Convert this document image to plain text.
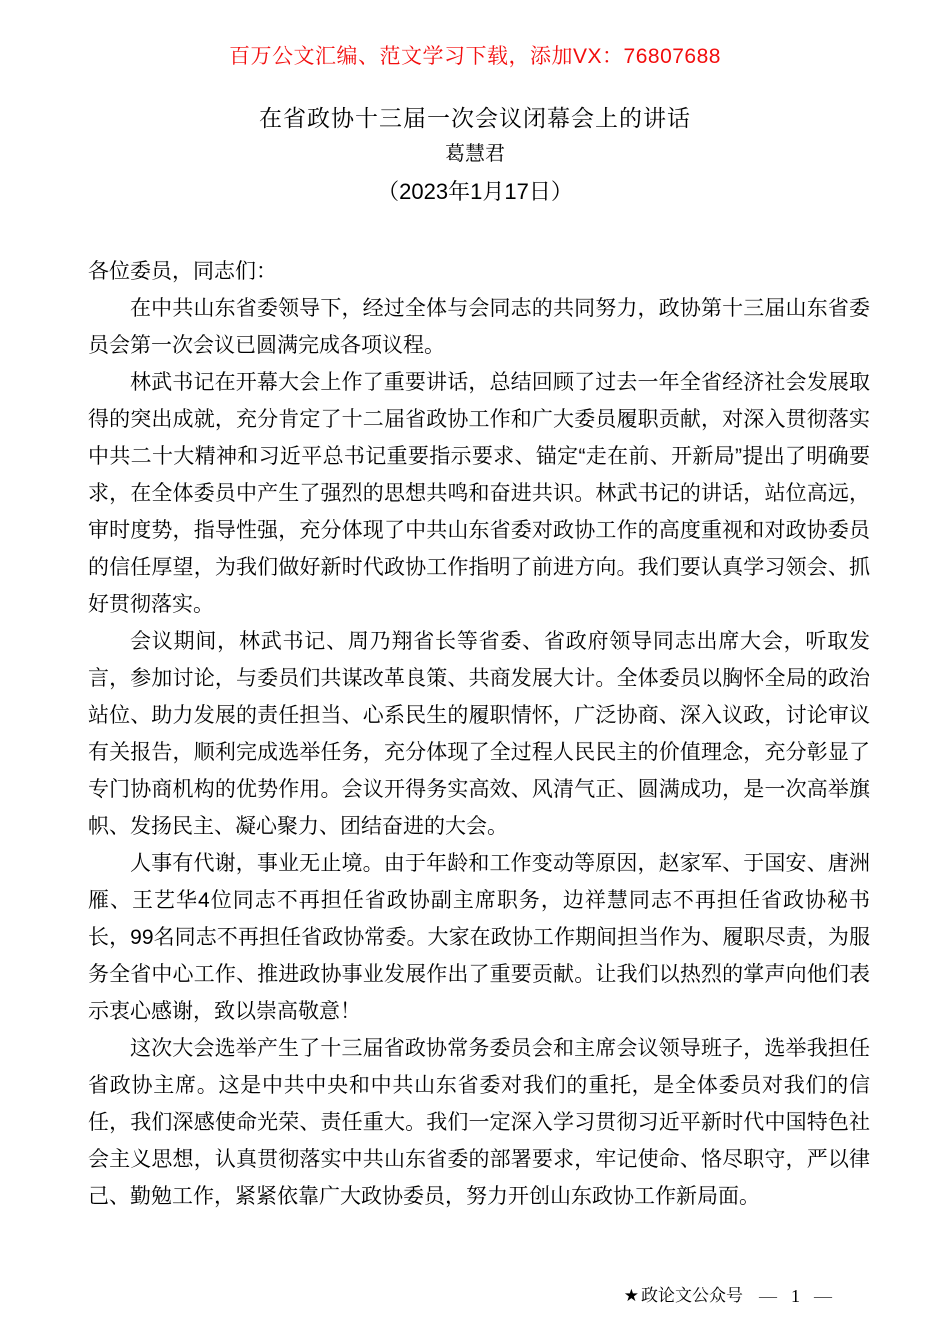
百万公文汇编、范文学习下载，添加VX：76807688
在省政协十三届一次会议闭幕会上的讲话
葛慧君
（2023年1月17日）

各位委员，同志们：

在中共山东省委领导下，经过全体与会同志的共同努力，政协第十三届山东省委员会第一次会议已圆满完成各项议程。

林武书记在开幕大会上作了重要讲话，总结回顾了过去一年全省经济社会发展取得的突出成就，充分肯定了十二届省政协工作和广大委员履职贡献，对深入贯彻落实中共二十大精神和习近平总书记重要指示要求、锚定“走在前、开新局”提出了明确要求，在全体委员中产生了强烈的思想共鸣和奋进共识。林武书记的讲话，站位高远，审时度势，指导性强，充分体现了中共山东省委对政协工作的高度重视和对政协委员的信任厚望，为我们做好新时代政协工作指明了前进方向。我们要认真学习领会、抓好贯彻落实。

会议期间，林武书记、周乃翔省长等省委、省政府领导同志出席大会，听取发言，参加讨论，与委员们共谋改革良策、共商发展大计。全体委员以胸怀全局的政治站位、助力发展的责任担当、心系民生的履职情怀，广泛协商、深入议政，讨论审议有关报告，顺利完成选举任务，充分体现了全过程人民民主的价值理念，充分彰显了专门协商机构的优势作用。会议开得务实高效、风清气正、圆满成功，是一次高举旗帜、发扬民主、凝心聚力、团结奋进的大会。

人事有代谢，事业无止境。由于年龄和工作变动等原因，赵家军、于国安、唐洲雁、王艺华4位同志不再担任省政协副主席职务，边祥慧同志不再担任省政协秘书长，99名同志不再担任省政协常委。大家在政协工作期间担当作为、履职尽责，为服务全省中心工作、推进政协事业发展作出了重要贡献。让我们以热烈的掌声向他们表示衷心感谢，致以崇高敬意！

这次大会选举产生了十三届省政协常务委员会和主席会议领导班子，选举我担任省政协主席。这是中共中央和中共山东省委对我们的重托，是全体委员对我们的信任，我们深感使命光荣、责任重大。我们一定深入学习贯彻习近平新时代中国特色社会主义思想，认真贯彻落实中共山东省委的部署要求，牢记使命、恪尽职守，严以律己、勤勉工作，紧紧依靠广大政协委员，努力开创山东政协工作新局面。

★ 政论文公众号 — 1 —
